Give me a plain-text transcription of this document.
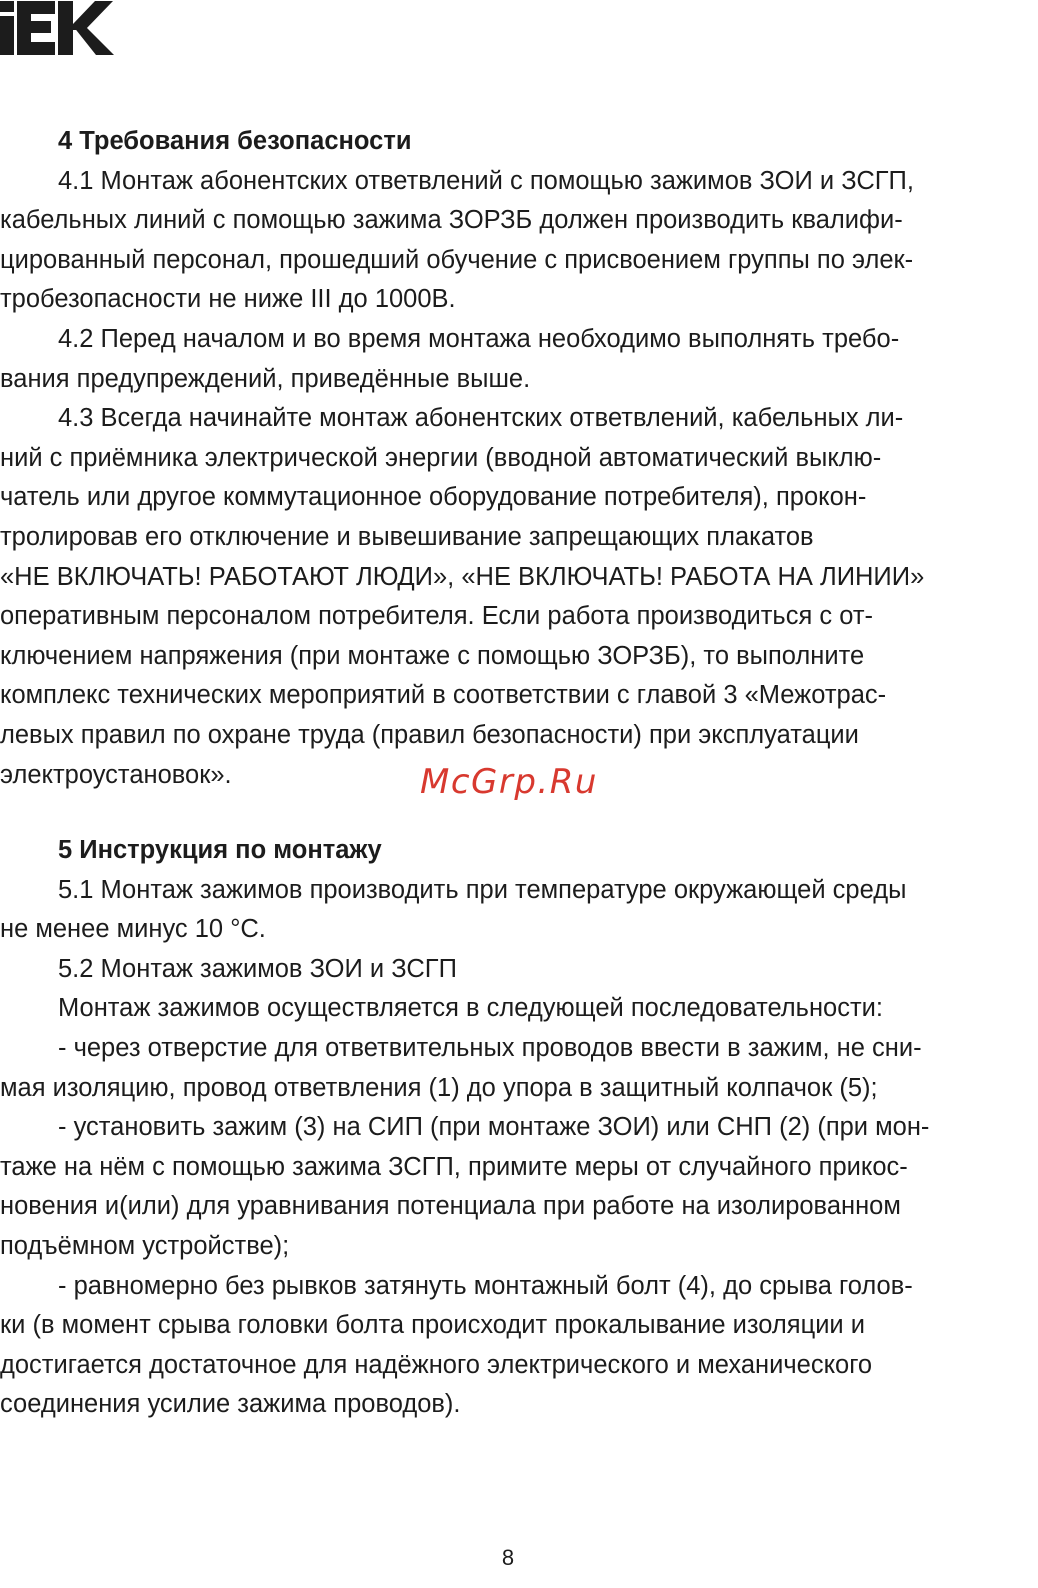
4 Требования безопасности

4.1 Монтаж абонентских ответвлений с помощью зажимов ЗОИ и ЗСГП,

кабельных линий с помощью зажима ЗОРЗБ должен производить квалифи-

цированный персонал, прошедший обучение с присвоением группы по элек-

тробезопасности не ниже III до 1000В.

4.2 Перед началом и во время монтажа необходимо выполнять требо-

вания предупреждений, приведённые выше.

4.3 Всегда начинайте монтаж абонентских ответвлений, кабельных ли-

ний с приёмника электрической энергии (вводной автоматический выклю-

чатель или другое коммутационное оборудование потребителя), прокон-

тролировав его отключение и вывешивание запрещающих плакатов

«НЕ ВКЛЮЧАТЬ! РАБОТАЮТ ЛЮДИ», «НЕ ВКЛЮЧАТЬ! РАБОТА НА ЛИНИИ»

оперативным персоналом потребителя. Если работа производиться с от-

ключением напряжения (при монтаже с помощью ЗОРЗБ), то выполните

комплекс технических мероприятий в соответствии с главой 3 «Межотрас-

левых правил по охране труда (правил безопасности) при эксплуатации

электроустановок».

5 Инструкция по монтажу

5.1 Монтаж зажимов производить при температуре окружающей среды

не менее минус 10 °С.

5.2 Монтаж зажимов ЗОИ и ЗСГП

Монтаж зажимов осуществляется в следующей последовательности:

- через отверстие для ответвительных проводов ввести в зажим, не сни-

мая изоляцию, провод ответвления (1) до упора в защитный колпачок (5);

- установить зажим (3) на СИП (при монтаже ЗОИ) или СНП (2) (при мон-

таже на нём с помощью зажима ЗСГП, примите меры от случайного прикос-

новения и(или) для уравнивания потенциала при работе на изолированном

подъёмном устройстве);

- равномерно без рывков затянуть монтажный болт (4), до срыва голов-

ки (в момент срыва головки болта происходит прокалывание изоляции и

достигается достаточное для надёжного электрического и механического

соединения усилие зажима проводов).

McGrp.Ru
8
